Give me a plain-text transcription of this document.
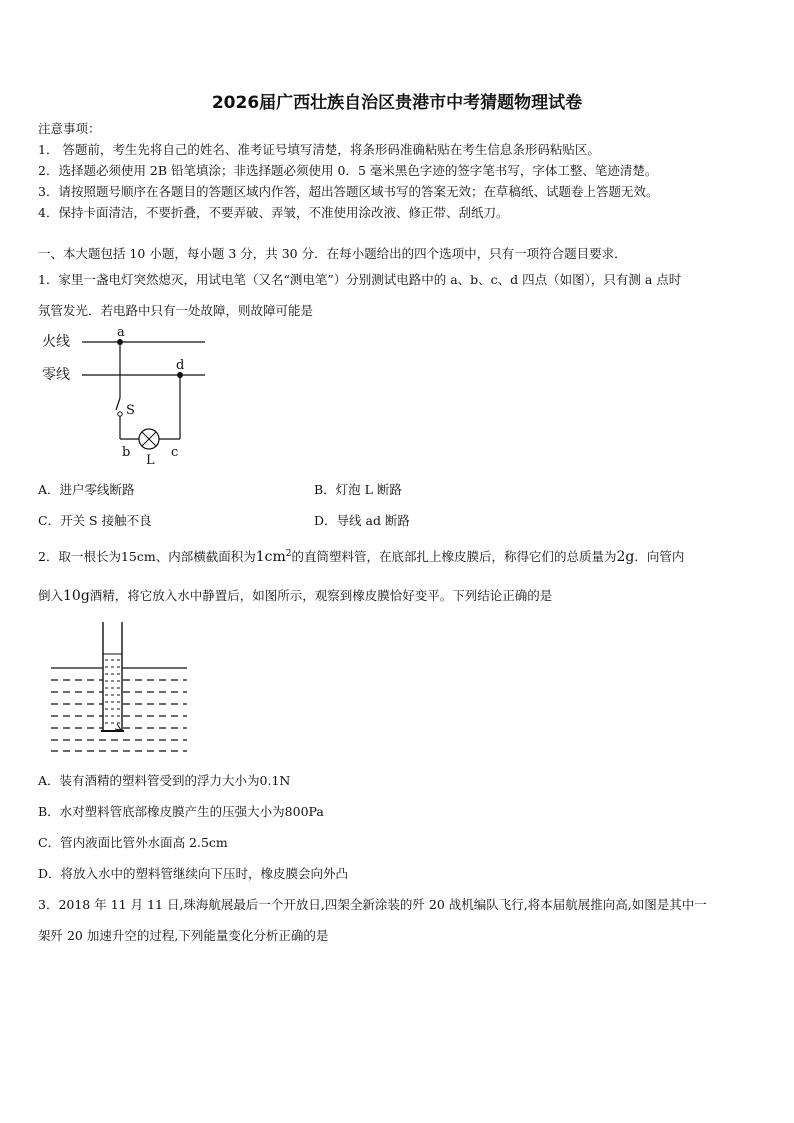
2026届广西壮族自治区贵港市中考猜题物理试卷
注意事项：
1． 答题前，考生先将自己的姓名、准考证号填写清楚，将条形码准确粘贴在考生信息条形码粘贴区。
2．选择题必须使用 2B 铅笔填涂；非选择题必须使用 0．5 毫米黑色字迹的签字笔书写，字体工整、笔迹清楚。
3．请按照题号顺序在各题目的答题区域内作答，超出答题区域书写的答案无效；在草稿纸、试题卷上答题无效。
4．保持卡面清洁，不要折叠，不要弄破、弄皱，不准使用涂改液、修正带、刮纸刀。
一、本大题包括 10 小题，每小题 3 分，共 30 分．在每小题给出的四个选项中，只有一项符合题目要求．
1．家里一盏电灯突然熄灭，用试电笔（又名“测电笔”）分别测试电路中的 a、b、c、d 四点（如图），只有测 a 点时
氖管发光．若电路中只有一处故障，则故障可能是
火线
零线
a
d
S
b
L
c
A．进户零线断路	B．灯泡 L 断路
C．开关 S 接触不良	D．导线 ad 断路
2．取一根长为15cm、内部横截面积为$1cm^2$的直筒塑料管，在底部扎上橡皮膜后，称得它们的总质量为2g．向管内
倒入10g酒精，将它放入水中静置后，如图所示，观察到橡皮膜恰好变平。下列结论正确的是
A．装有酒精的塑料管受到的浮力大小为0.1N
B．水对塑料管底部橡皮膜产生的压强大小为800Pa
C．管内液面比管外水面高 2.5cm
D．将放入水中的塑料管继续向下压时，橡皮膜会向外凸
3．2018 年 11 月 11 日,珠海航展最后一个开放日,四架全新涂装的歼 20 战机编队飞行,将本届航展推向高,如图是其中一
架歼 20 加速升空的过程,下列能量变化分析正确的是
